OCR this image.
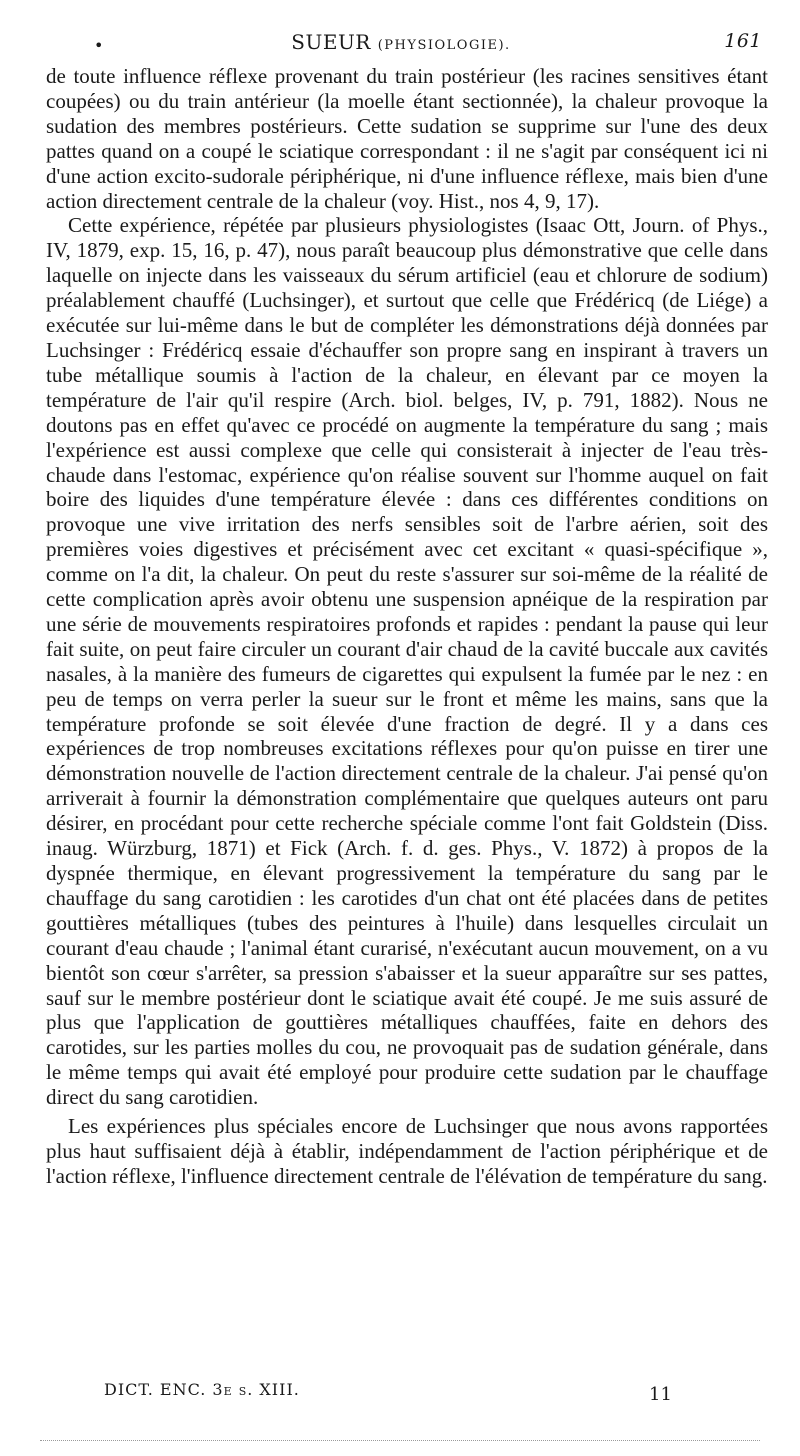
•	SUEUR (PHYSIOLOGIE).	161

de toute influence réflexe provenant du train postérieur (les racines sensitives étant coupées) ou du train antérieur (la moelle étant sectionnée), la chaleur provoque la sudation des membres postérieurs. Cette sudation se supprime sur l'une des deux pattes quand on a coupé le sciatique correspondant : il ne s'agit par conséquent ici ni d'une action excito-sudorale périphérique, ni d'une influence réflexe, mais bien d'une action directement centrale de la chaleur (voy. Hist., nos 4, 9, 17).

Cette expérience, répétée par plusieurs physiologistes (Isaac Ott, Journ. of Phys., IV, 1879, exp. 15, 16, p. 47), nous paraît beaucoup plus démonstrative que celle dans laquelle on injecte dans les vaisseaux du sérum artificiel (eau et chlorure de sodium) préalablement chauffé (Luchsinger), et surtout que celle que Frédéricq (de Liége) a exécutée sur lui-même dans le but de compléter les démonstrations déjà données par Luchsinger : Frédéricq essaie d'échauffer son propre sang en inspirant à travers un tube métallique soumis à l'action de la chaleur, en élevant par ce moyen la température de l'air qu'il respire (Arch. biol. belges, IV, p. 791, 1882). Nous ne doutons pas en effet qu'avec ce procédé on augmente la température du sang ; mais l'expérience est aussi complexe que celle qui consisterait à injecter de l'eau très-chaude dans l'estomac, expérience qu'on réalise souvent sur l'homme auquel on fait boire des liquides d'une température élevée : dans ces différentes conditions on provoque une vive irritation des nerfs sensibles soit de l'arbre aérien, soit des premières voies digestives et précisément avec cet excitant « quasi-spécifique », comme on l'a dit, la chaleur. On peut du reste s'assurer sur soi-même de la réalité de cette complication après avoir obtenu une suspension apnéique de la respiration par une série de mouvements respiratoires profonds et rapides : pendant la pause qui leur fait suite, on peut faire circuler un courant d'air chaud de la cavité buccale aux cavités nasales, à la manière des fumeurs de cigarettes qui expulsent la fumée par le nez : en peu de temps on verra perler la sueur sur le front et même les mains, sans que la température profonde se soit élevée d'une fraction de degré. Il y a dans ces expériences de trop nombreuses excitations réflexes pour qu'on puisse en tirer une démonstration nouvelle de l'action directement centrale de la chaleur. J'ai pensé qu'on arriverait à fournir la démonstration complémentaire que quelques auteurs ont paru désirer, en procédant pour cette recherche spéciale comme l'ont fait Goldstein (Diss. inaug. Würzburg, 1871) et Fick (Arch. f. d. ges. Phys., V. 1872) à propos de la dyspnée thermique, en élevant progressivement la température du sang par le chauffage du sang carotidien : les carotides d'un chat ont été placées dans de petites gouttières métalliques (tubes des peintures à l'huile) dans lesquelles circulait un courant d'eau chaude ; l'animal étant curarisé, n'exécutant aucun mouvement, on a vu bientôt son cœur s'arrêter, sa pression s'abaisser et la sueur apparaître sur ses pattes, sauf sur le membre postérieur dont le sciatique avait été coupé. Je me suis assuré de plus que l'application de gouttières métalliques chauffées, faite en dehors des carotides, sur les parties molles du cou, ne provoquait pas de sudation générale, dans le même temps qui avait été employé pour produire cette sudation par le chauffage direct du sang carotidien.

Les expériences plus spéciales encore de Luchsinger que nous avons rapportées plus haut suffisaient déjà à établir, indépendamment de l'action périphérique et de l'action réflexe, l'influence directement centrale de l'élévation de température du sang.

DICT. ENC. 3e s. XIII.	11
